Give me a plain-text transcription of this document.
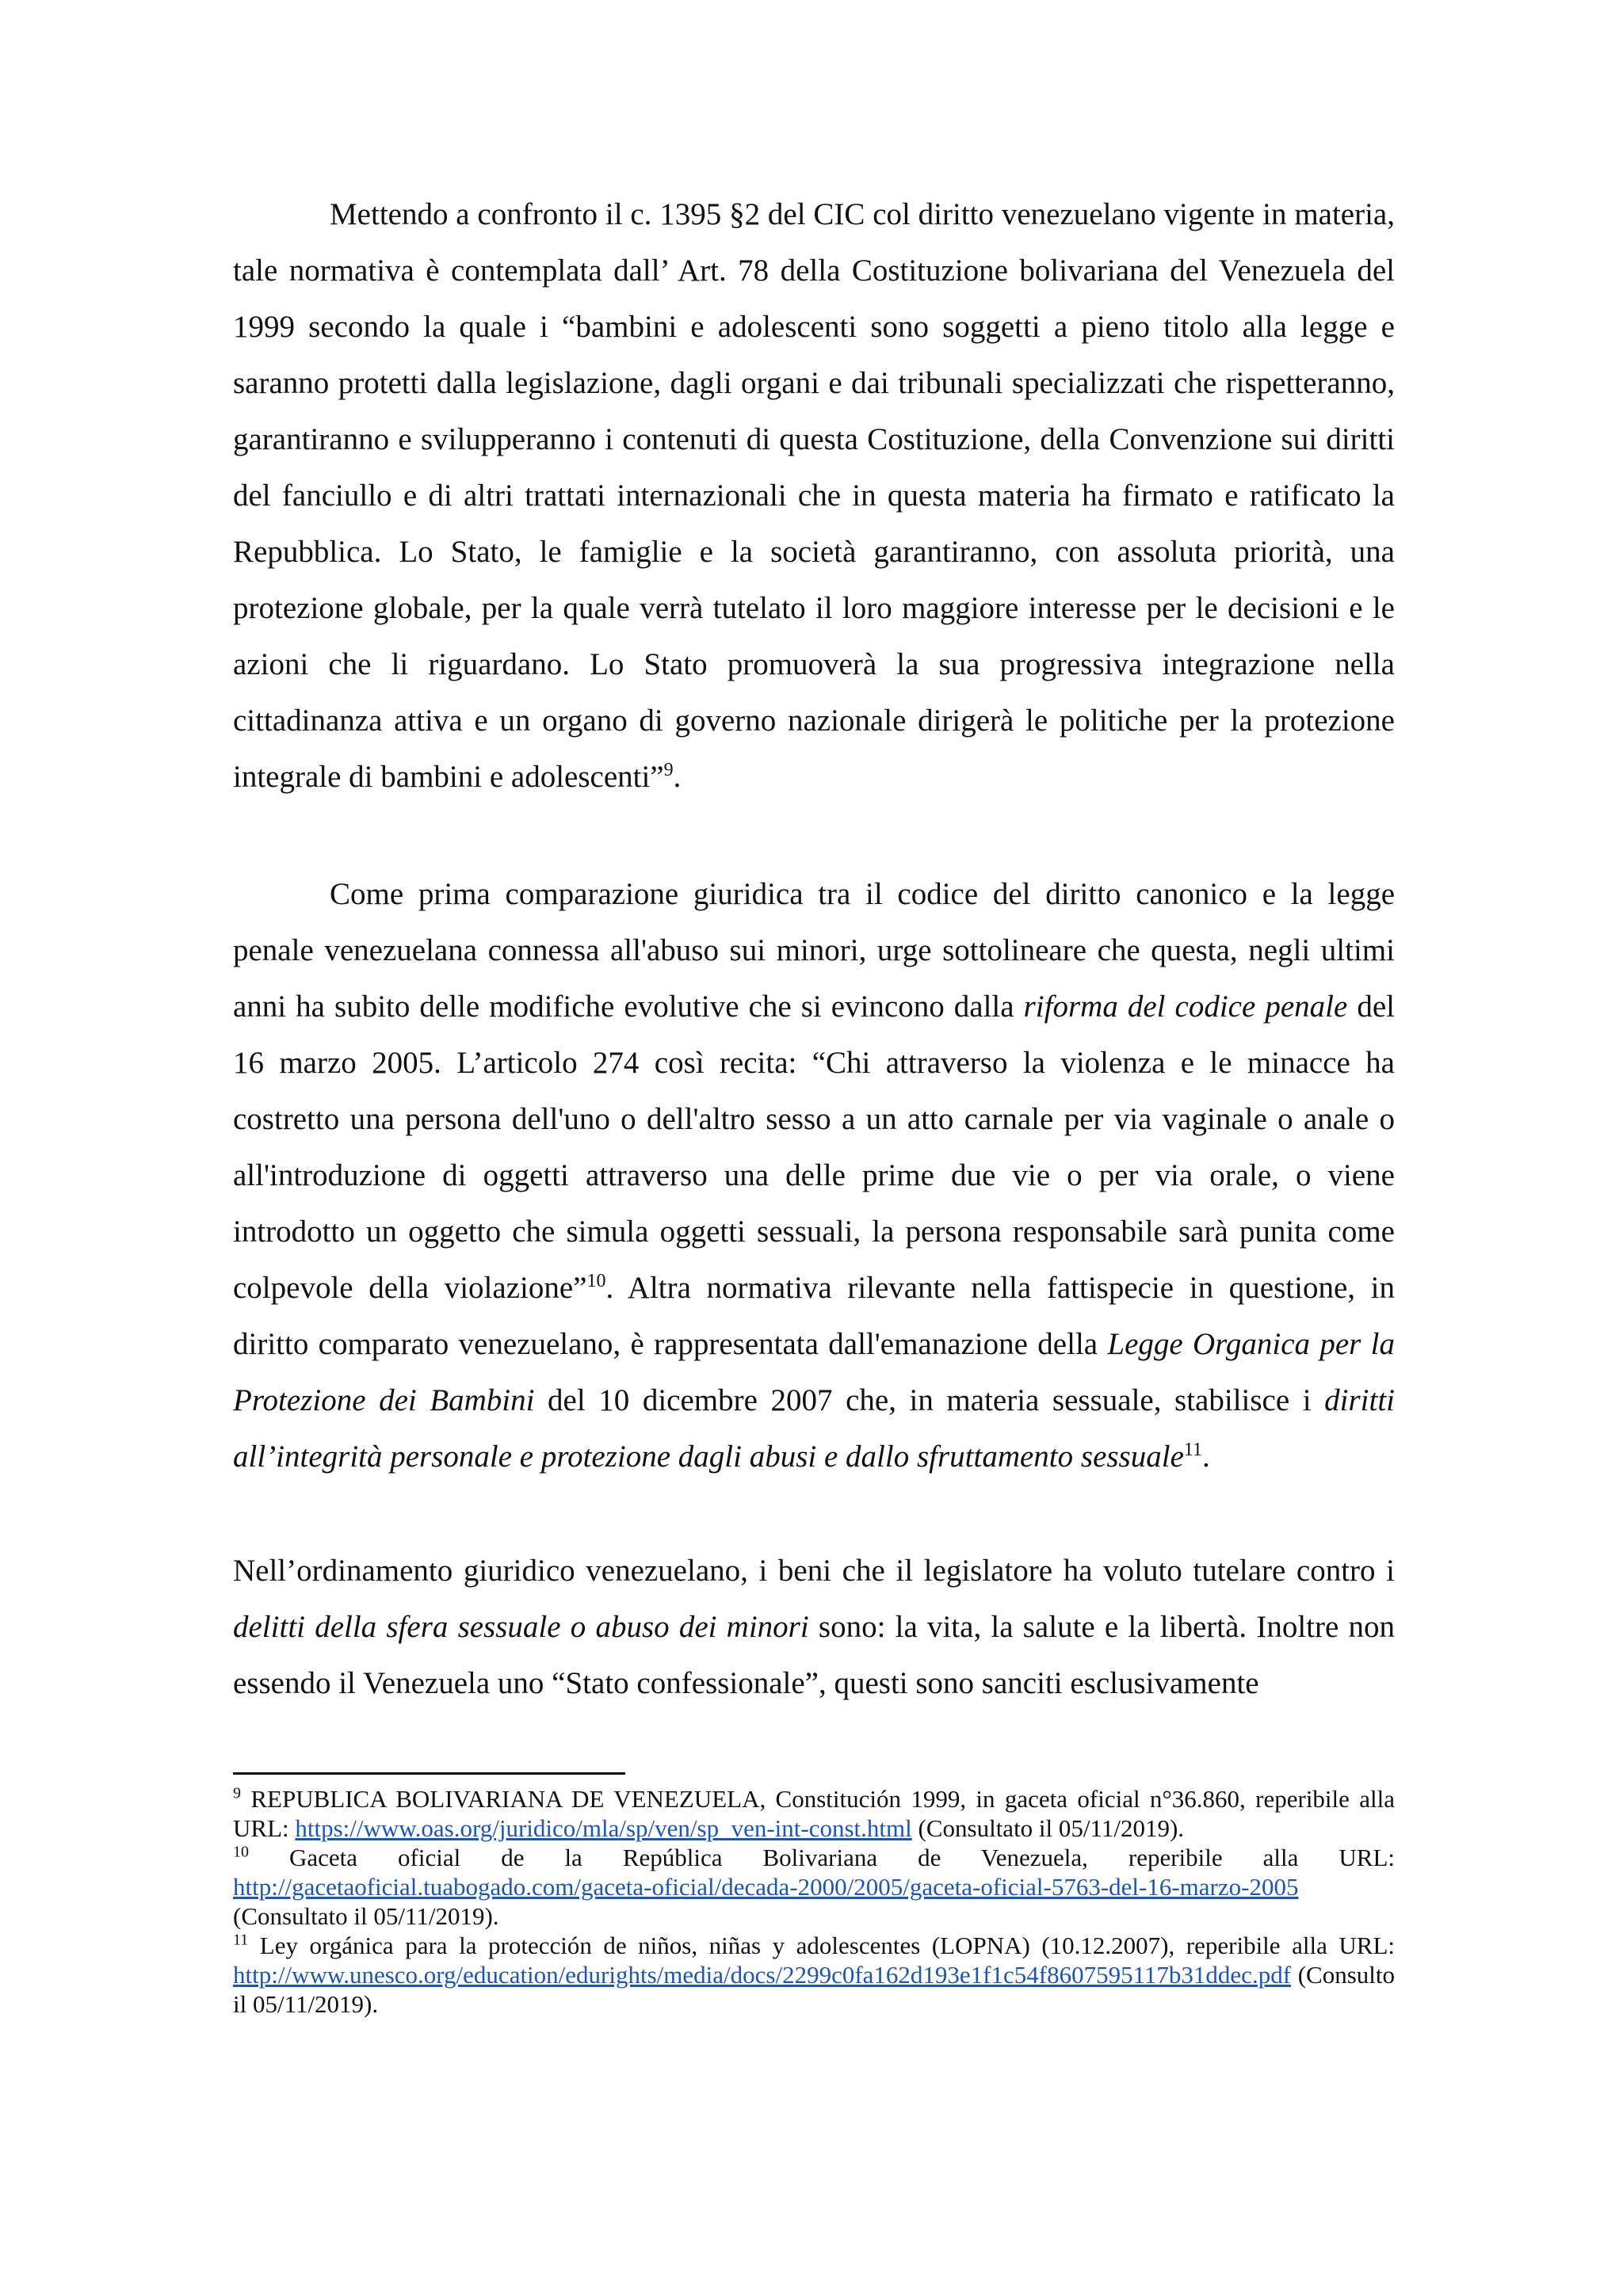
Mettendo a confronto il c. 1395 §2 del CIC col diritto venezuelano vigente in materia, tale normativa è contemplata dall’ Art. 78 della Costituzione bolivariana del Venezuela del 1999 secondo la quale i “bambini e adolescenti sono soggetti a pieno titolo alla legge e saranno protetti dalla legislazione, dagli organi e dai tribunali specializzati che rispetteranno, garantiranno e svilupperanno i contenuti di questa Costituzione, della Convenzione sui diritti del fanciullo e di altri trattati internazionali che in questa materia ha firmato e ratificato la Repubblica. Lo Stato, le famiglie e la società garantiranno, con assoluta priorità, una protezione globale, per la quale verrà tutelato il loro maggiore interesse per le decisioni e le azioni che li riguardano. Lo Stato promuoverà la sua progressiva integrazione nella cittadinanza attiva e un organo di governo nazionale dirigerà le politiche per la protezione integrale di bambini e adolescenti”$^9$.

Come prima comparazione giuridica tra il codice del diritto canonico e la legge penale venezuelana connessa all'abuso sui minori, urge sottolineare che questa, negli ultimi anni ha subito delle modifiche evolutive che si evincono dalla riforma del codice penale del 16 marzo 2005. L’articolo 274 così recita: “Chi attraverso la violenza e le minacce ha costretto una persona dell'uno o dell'altro sesso a un atto carnale per via vaginale o anale o all'introduzione di oggetti attraverso una delle prime due vie o per via orale, o viene introdotto un oggetto che simula oggetti sessuali, la persona responsabile sarà punita come colpevole della violazione”$^{10}$. Altra normativa rilevante nella fattispecie in questione, in diritto comparato venezuelano, è rappresentata dall'emanazione della Legge Organica per la Protezione dei Bambini del 10 dicembre 2007 che, in materia sessuale, stabilisce i diritti all’integrità personale e protezione dagli abusi e dallo sfruttamento sessuale$^{11}$.

Nell’ordinamento giuridico venezuelano, i beni che il legislatore ha voluto tutelare contro i delitti della sfera sessuale o abuso dei minori sono: la vita, la salute e la libertà. Inoltre non essendo il Venezuela uno “Stato confessionale”, questi sono sanciti esclusivamente

$^9$ REPUBLICA BOLIVARIANA DE VENEZUELA, Constitución 1999, in gaceta oficial n°36.860, reperibile alla URL: https://www.oas.org/juridico/mla/sp/ven/sp_ven-int-const.html (Consultato il 05/11/2019).

$^{10}$ Gaceta oficial de la República Bolivariana de Venezuela, reperibile alla URL: http://gacetaoficial.tuabogado.com/gaceta-oficial/decada-2000/2005/gaceta-oficial-5763-del-16-marzo-2005 (Consultato il 05/11/2019).

$^{11}$ Ley orgánica para la protección de niños, niñas y adolescentes (LOPNA) (10.12.2007), reperibile alla URL: http://www.unesco.org/education/edurights/media/docs/2299c0fa162d193e1f1c54f8607595117b31ddec.pdf (Consulto il 05/11/2019).
